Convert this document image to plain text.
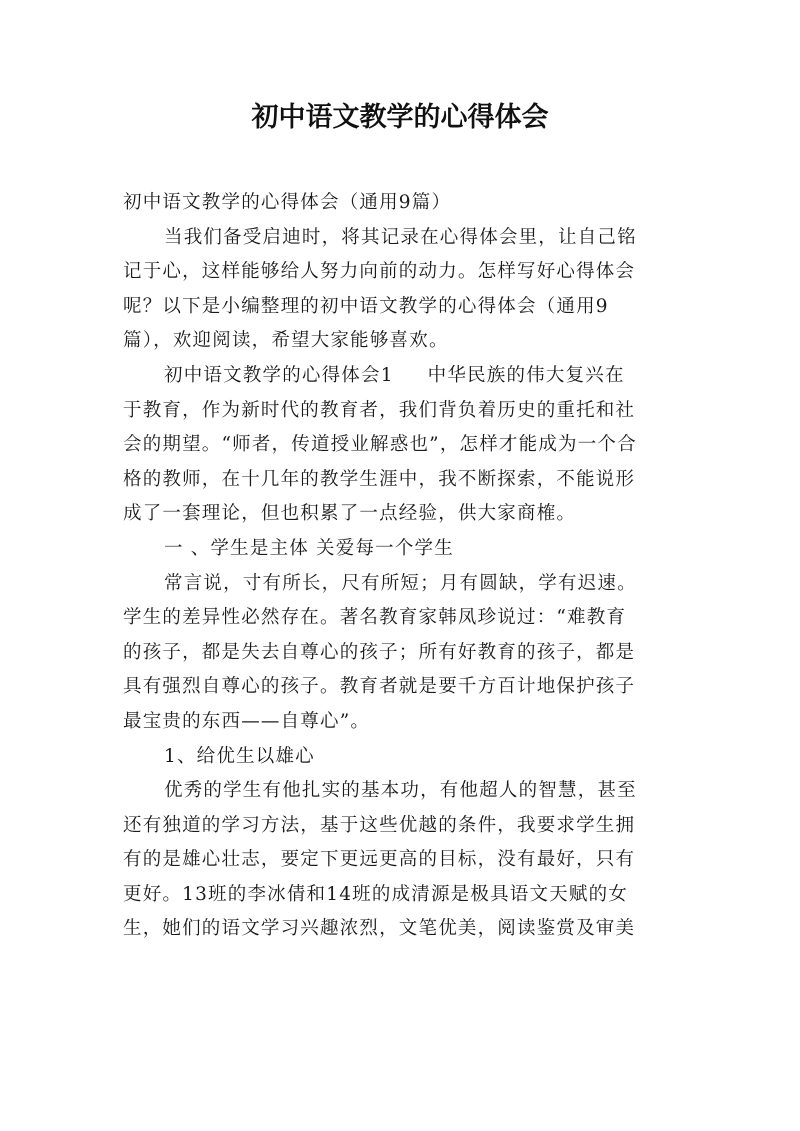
初中语文教学的心得体会
初中语文教学的心得体会（通用9篇）
当我们备受启迪时，将其记录在心得体会里，让自己铭
记于心，这样能够给人努力向前的动力。怎样写好心得体会
呢？以下是小编整理的初中语文教学的心得体会（通用9
篇），欢迎阅读，希望大家能够喜欢。
初中语文教学的心得体会1 中华民族的伟大复兴在
于教育，作为新时代的教育者，我们背负着历史的重托和社
会的期望。“师者，传道授业解惑也”，怎样才能成为一个合
格的教师，在十几年的教学生涯中，我不断探索，不能说形
成了一套理论，但也积累了一点经验，供大家商榷。
一 、学生是主体 关爱每一个学生
常言说，寸有所长，尺有所短；月有圆缺，学有迟速。
学生的差异性必然存在。著名教育家韩凤珍说过：“难教育
的孩子，都是失去自尊心的孩子；所有好教育的孩子，都是
具有强烈自尊心的孩子。教育者就是要千方百计地保护孩子
最宝贵的东西——自尊心”。
1、给优生以雄心
优秀的学生有他扎实的基本功，有他超人的智慧，甚至
还有独道的学习方法，基于这些优越的条件，我要求学生拥
有的是雄心壮志，要定下更远更高的目标，没有最好，只有
更好。13班的李冰倩和14班的成清源是极具语文天赋的女
生，她们的语文学习兴趣浓烈，文笔优美，阅读鉴赏及审美
